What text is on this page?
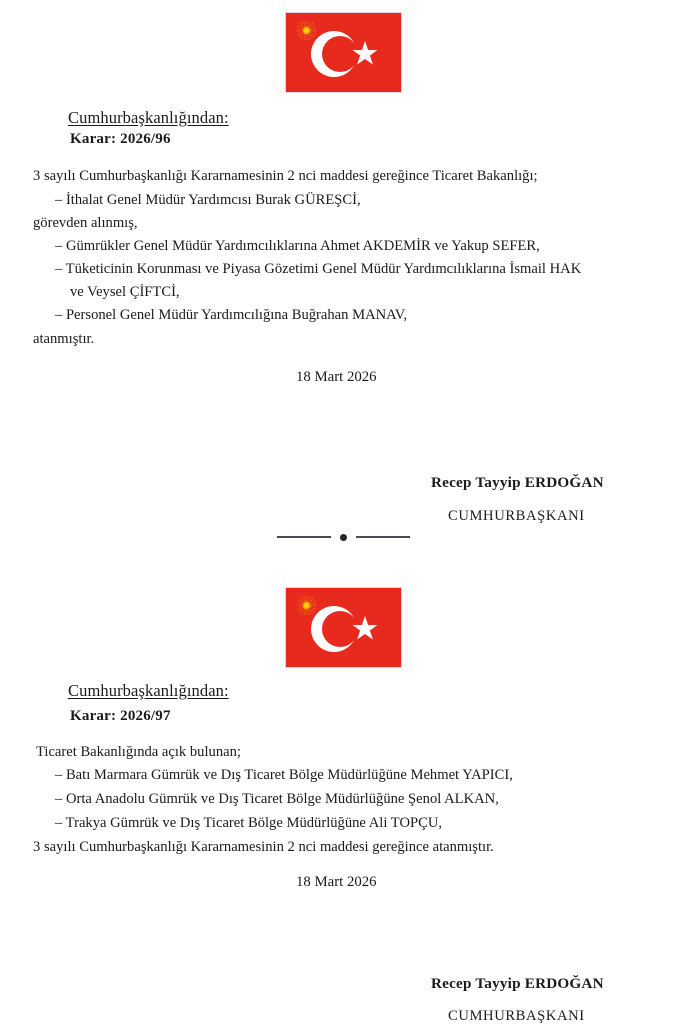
Cumhurbaşkanlığından:
Karar: 2026/96
3 sayılı Cumhurbaşkanlığı Kararnamesinin 2 nci maddesi gereğince Ticaret Bakanlığı;
– İthalat Genel Müdür Yardımcısı Burak GÜREŞCİ,
görevden alınmış,
– Gümrükler Genel Müdür Yardımcılıklarına Ahmet AKDEMİR ve Yakup SEFER,
– Tüketicinin Korunması ve Piyasa Gözetimi Genel Müdür Yardımcılıklarına İsmail HAK
ve Veysel ÇİFTCİ,
– Personel Genel Müdür Yardımcılığına Buğrahan MANAV,
atanmıştır.
18 Mart 2026
Recep Tayyip ERDOĞAN
CUMHURBAŞKANI
Cumhurbaşkanlığından:
Karar: 2026/97
Ticaret Bakanlığında açık bulunan;
– Batı Marmara Gümrük ve Dış Ticaret Bölge Müdürlüğüne Mehmet YAPICI,
– Orta Anadolu Gümrük ve Dış Ticaret Bölge Müdürlüğüne Şenol ALKAN,
– Trakya Gümrük ve Dış Ticaret Bölge Müdürlüğüne Ali TOPÇU,
3 sayılı Cumhurbaşkanlığı Kararnamesinin 2 nci maddesi gereğince atanmıştır.
18 Mart 2026
Recep Tayyip ERDOĞAN
CUMHURBAŞKANI
